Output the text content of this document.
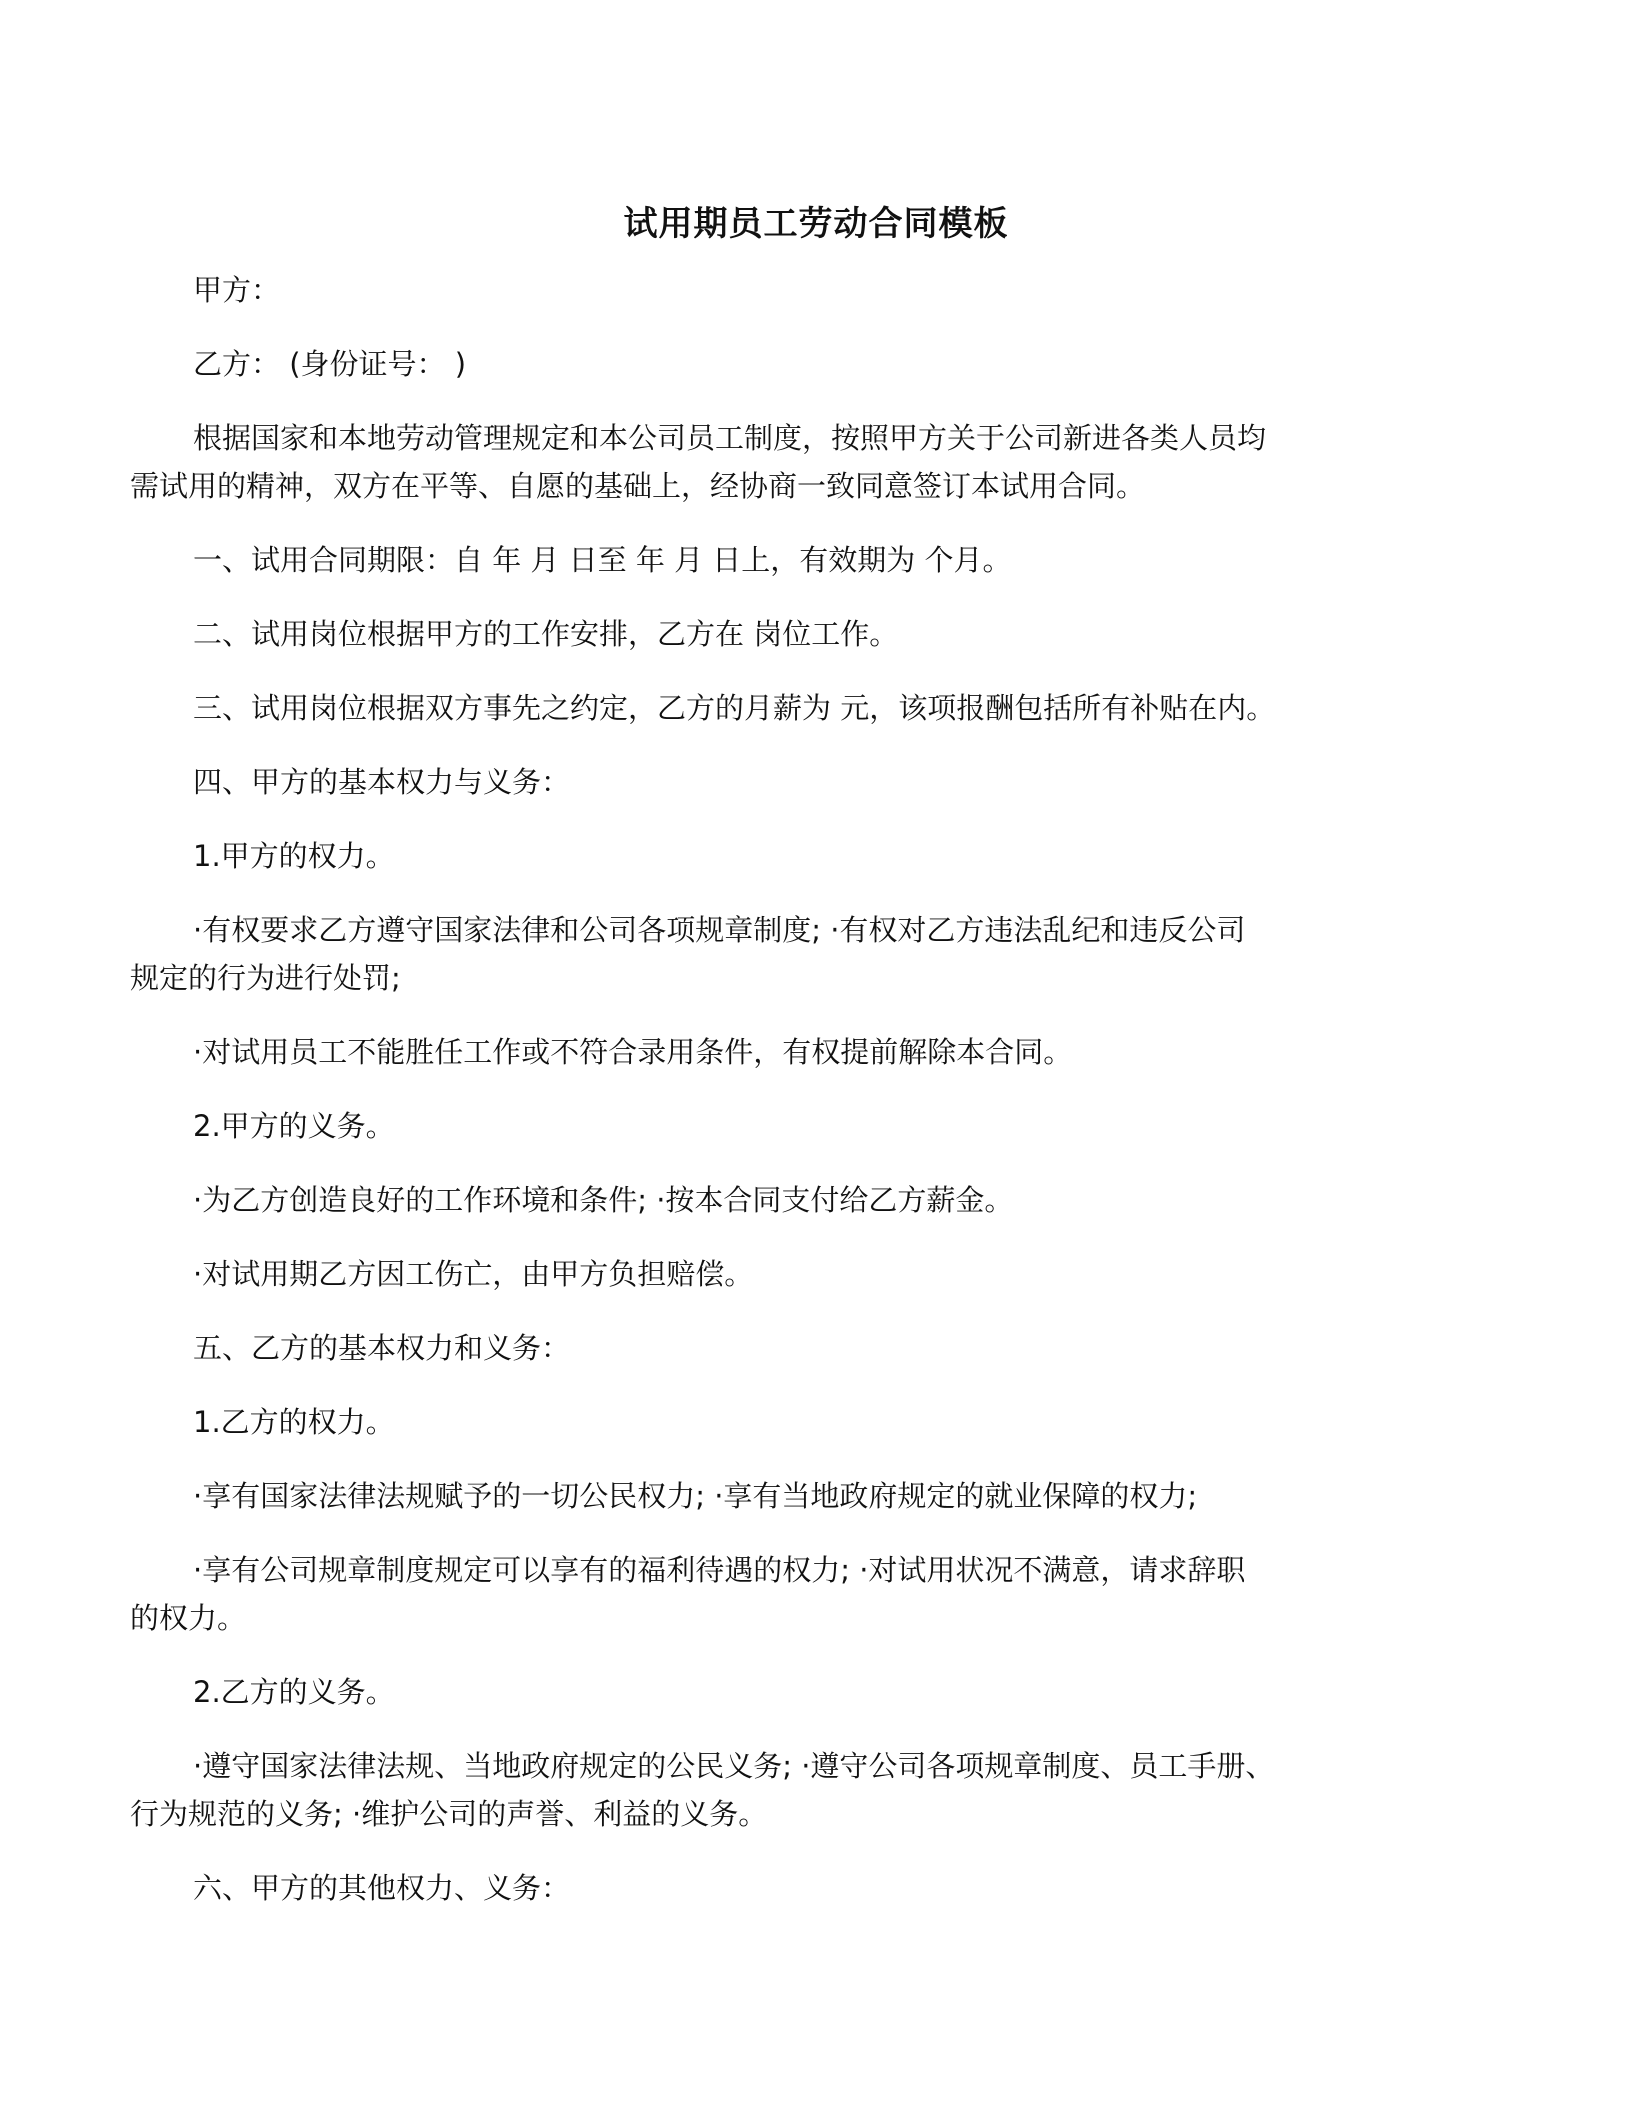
试用期员工劳动合同模板
甲方：
乙方： (身份证号： )
根据国家和本地劳动管理规定和本公司员工制度，按照甲方关于公司新进各类人员均
需试用的精神，双方在平等、自愿的基础上，经协商一致同意签订本试用合同。
一、试用合同期限：自 年 月 日至 年 月 日上，有效期为 个月。
二、试用岗位根据甲方的工作安排，乙方在 岗位工作。
三、试用岗位根据双方事先之约定，乙方的月薪为 元，该项报酬包括所有补贴在内。
四、甲方的基本权力与义务：
1.甲方的权力。
·有权要求乙方遵守国家法律和公司各项规章制度; ·有权对乙方违法乱纪和违反公司
规定的行为进行处罚;
·对试用员工不能胜任工作或不符合录用条件，有权提前解除本合同。
2.甲方的义务。
·为乙方创造良好的工作环境和条件; ·按本合同支付给乙方薪金。
·对试用期乙方因工伤亡，由甲方负担赔偿。
五、乙方的基本权力和义务：
1.乙方的权力。
·享有国家法律法规赋予的一切公民权力; ·享有当地政府规定的就业保障的权力;
·享有公司规章制度规定可以享有的福利待遇的权力; ·对试用状况不满意，请求辞职
的权力。
2.乙方的义务。
·遵守国家法律法规、当地政府规定的公民义务; ·遵守公司各项规章制度、员工手册、
行为规范的义务; ·维护公司的声誉、利益的义务。
六、甲方的其他权力、义务：
